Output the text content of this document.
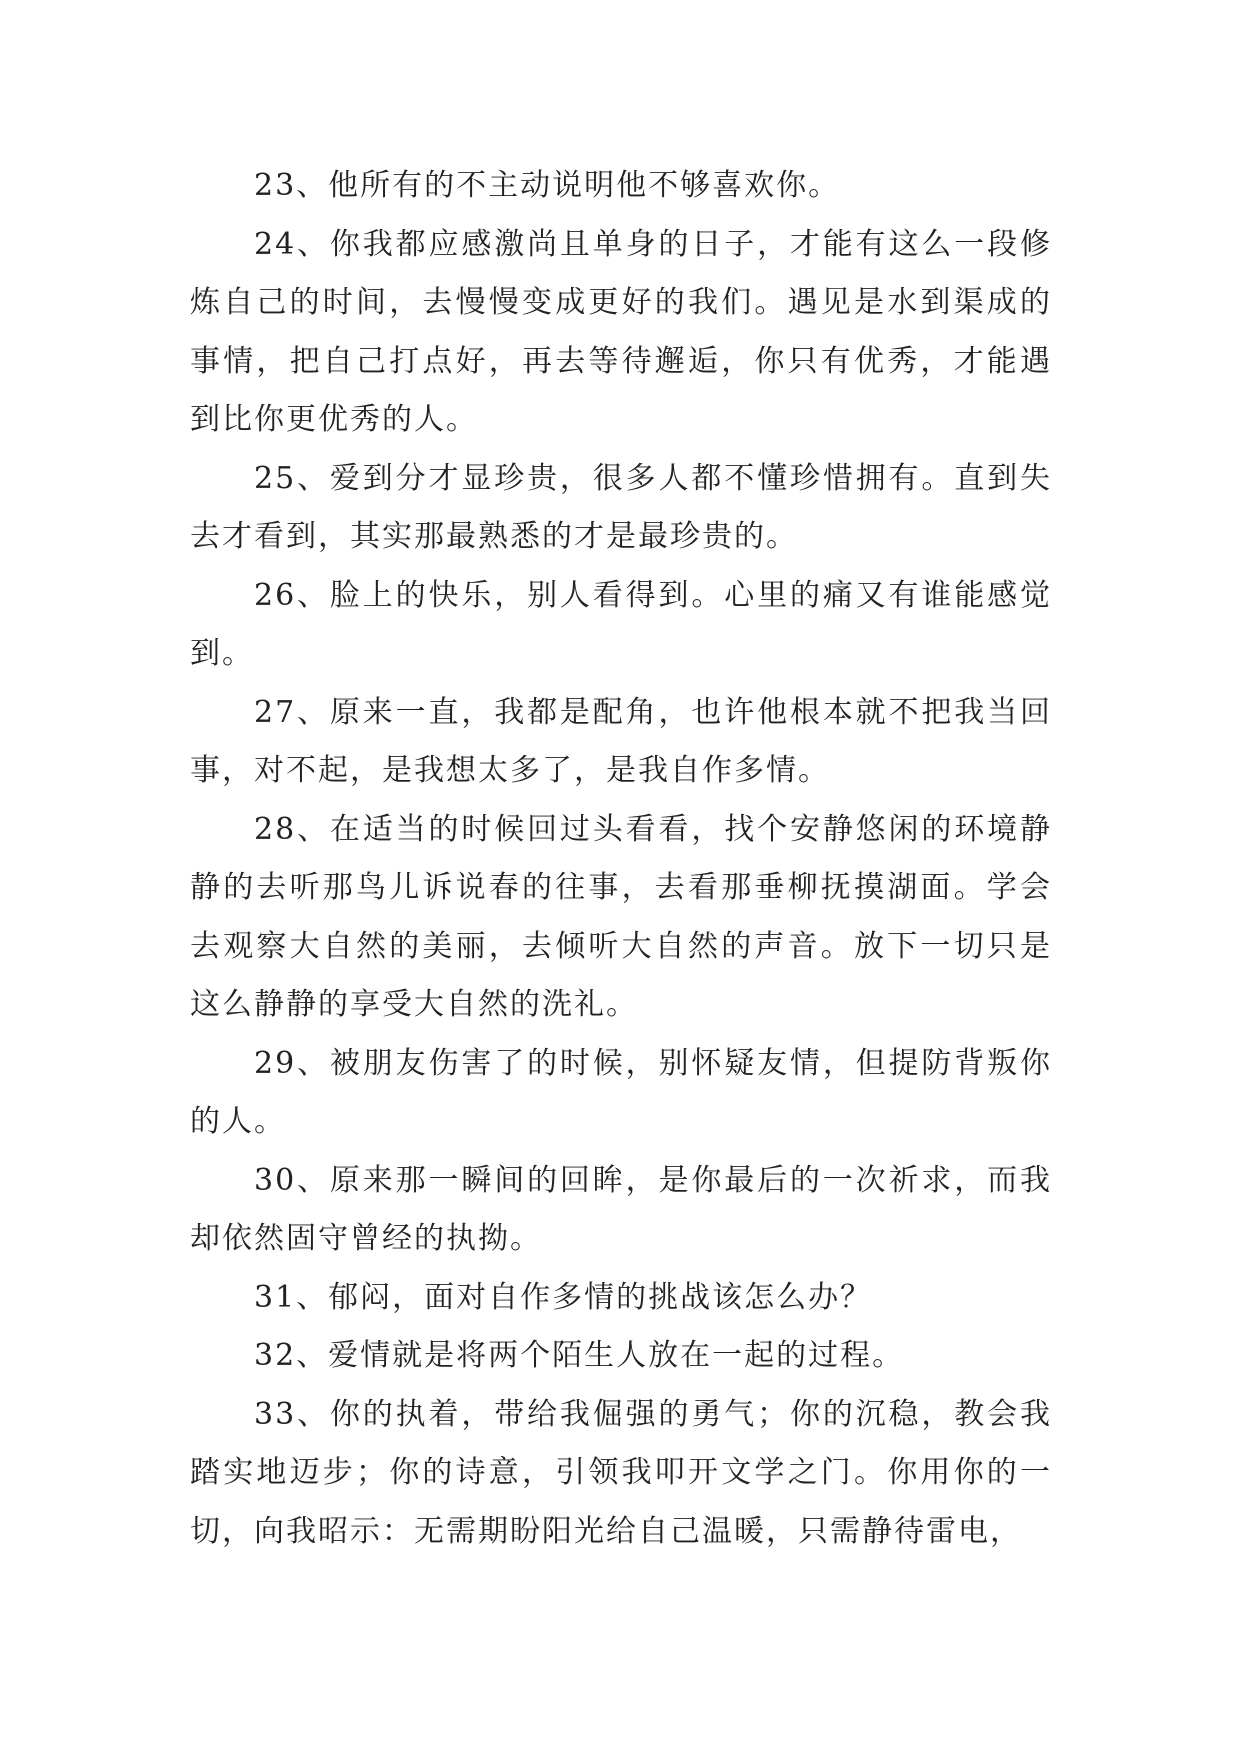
23、他所有的不主动说明他不够喜欢你。

24、你我都应感激尚且单身的日子，才能有这么一段修炼自己的时间，去慢慢变成更好的我们。遇见是水到渠成的事情，把自己打点好，再去等待邂逅，你只有优秀，才能遇到比你更优秀的人。

25、爱到分才显珍贵，很多人都不懂珍惜拥有。直到失去才看到，其实那最熟悉的才是最珍贵的。

26、脸上的快乐，别人看得到。心里的痛又有谁能感觉到。

27、原来一直，我都是配角，也许他根本就不把我当回事，对不起，是我想太多了，是我自作多情。

28、在适当的时候回过头看看，找个安静悠闲的环境静静的去听那鸟儿诉说春的往事，去看那垂柳抚摸湖面。学会去观察大自然的美丽，去倾听大自然的声音。放下一切只是这么静静的享受大自然的洗礼。

29、被朋友伤害了的时候，别怀疑友情，但提防背叛你的人。

30、原来那一瞬间的回眸，是你最后的一次祈求，而我却依然固守曾经的执拗。

31、郁闷，面对自作多情的挑战该怎么办？

32、爱情就是将两个陌生人放在一起的过程。

33、你的执着，带给我倔强的勇气；你的沉稳，教会我踏实地迈步；你的诗意，引领我叩开文学之门。你用你的一切，向我昭示：无需期盼阳光给自己温暖，只需静待雷电，
